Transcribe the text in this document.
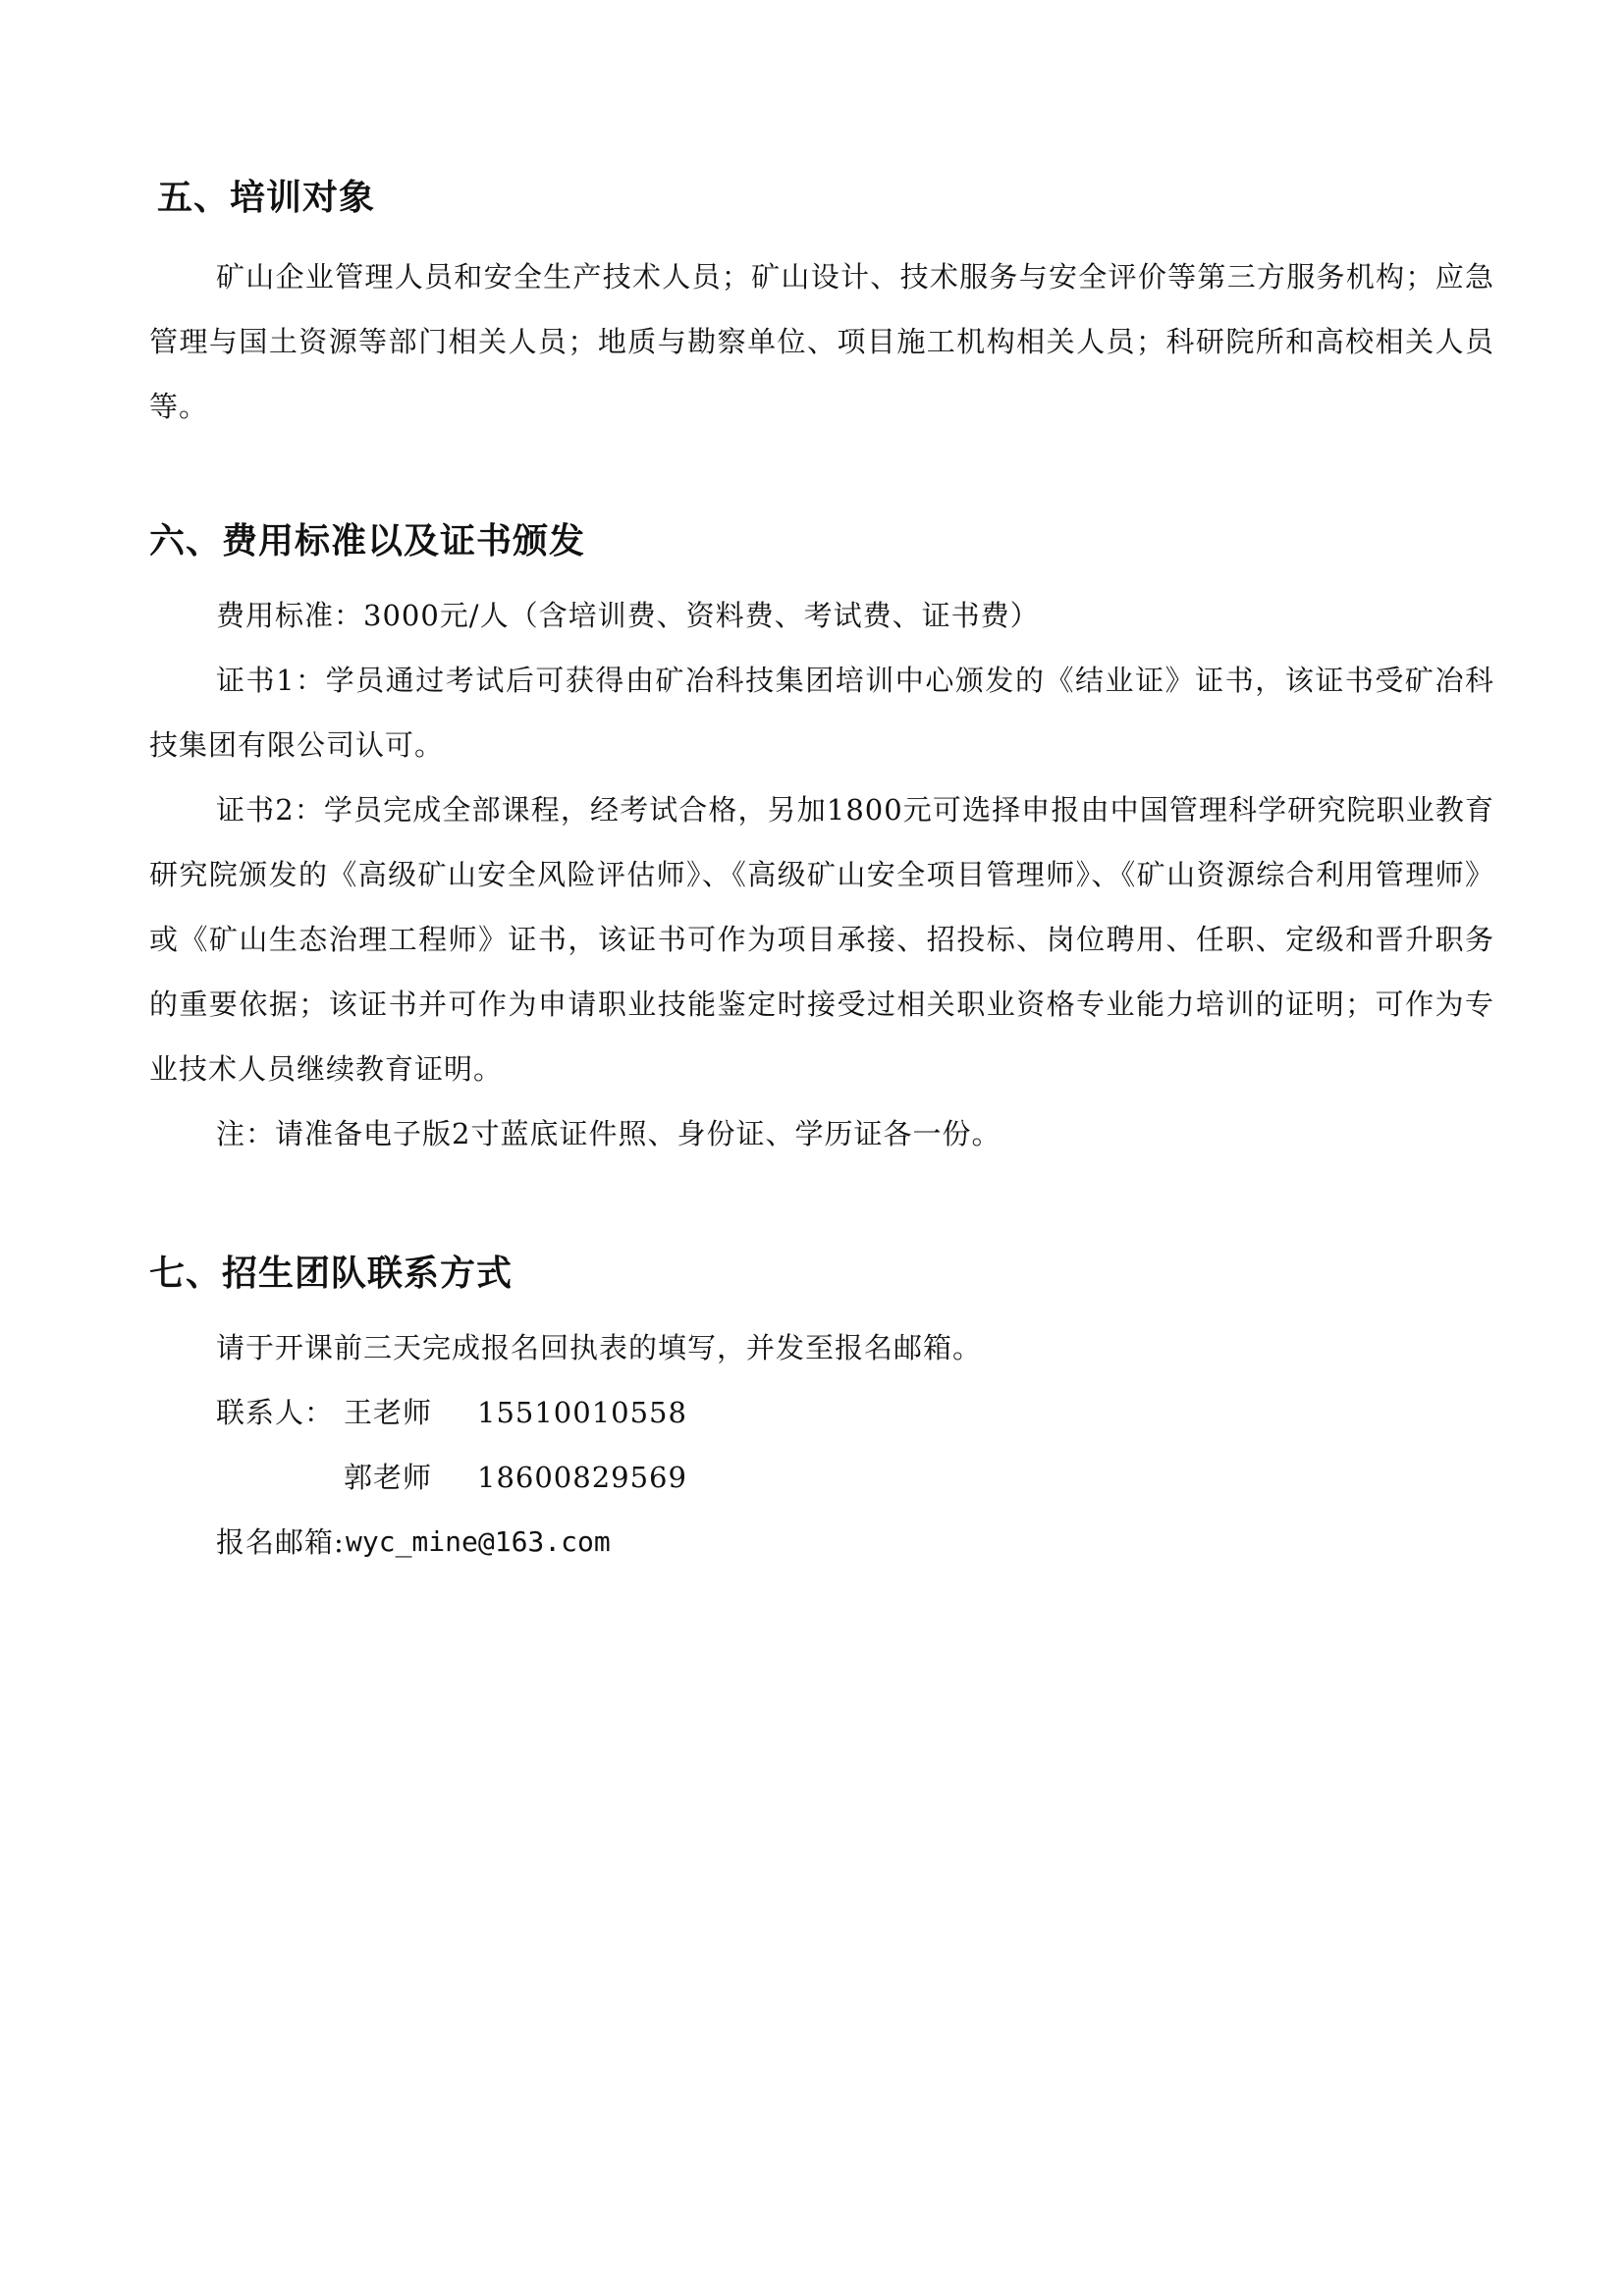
五、培训对象
矿山企业管理人员和安全生产技术人员；矿山设计、技术服务与安全评价等第三方服务机构；应急管理与国土资源等部门相关人员；地质与勘察单位、项目施工机构相关人员；科研院所和高校相关人员等。
六、费用标准以及证书颁发
费用标准：3000元/人（含培训费、资料费、考试费、证书费）
证书1：学员通过考试后可获得由矿冶科技集团培训中心颁发的《结业证》证书，该证书受矿冶科技集团有限公司认可。
证书2：学员完成全部课程，经考试合格，另加1800元可选择申报由中国管理科学研究院职业教育研究院颁发的《高级矿山安全风险评估师》、《高级矿山安全项目管理师》、《矿山资源综合利用管理师》或《矿山生态治理工程师》证书，该证书可作为项目承接、招投标、岗位聘用、任职、定级和晋升职务的重要依据；该证书并可作为申请职业技能鉴定时接受过相关职业资格专业能力培训的证明；可作为专业技术人员继续教育证明。
注：请准备电子版2寸蓝底证件照、身份证、学历证各一份。
七、招生团队联系方式
请于开课前三天完成报名回执表的填写，并发至报名邮箱。
联系人： 王老师 15510010558
郭老师 18600829569
报名邮箱: wyc_mine@163.com
